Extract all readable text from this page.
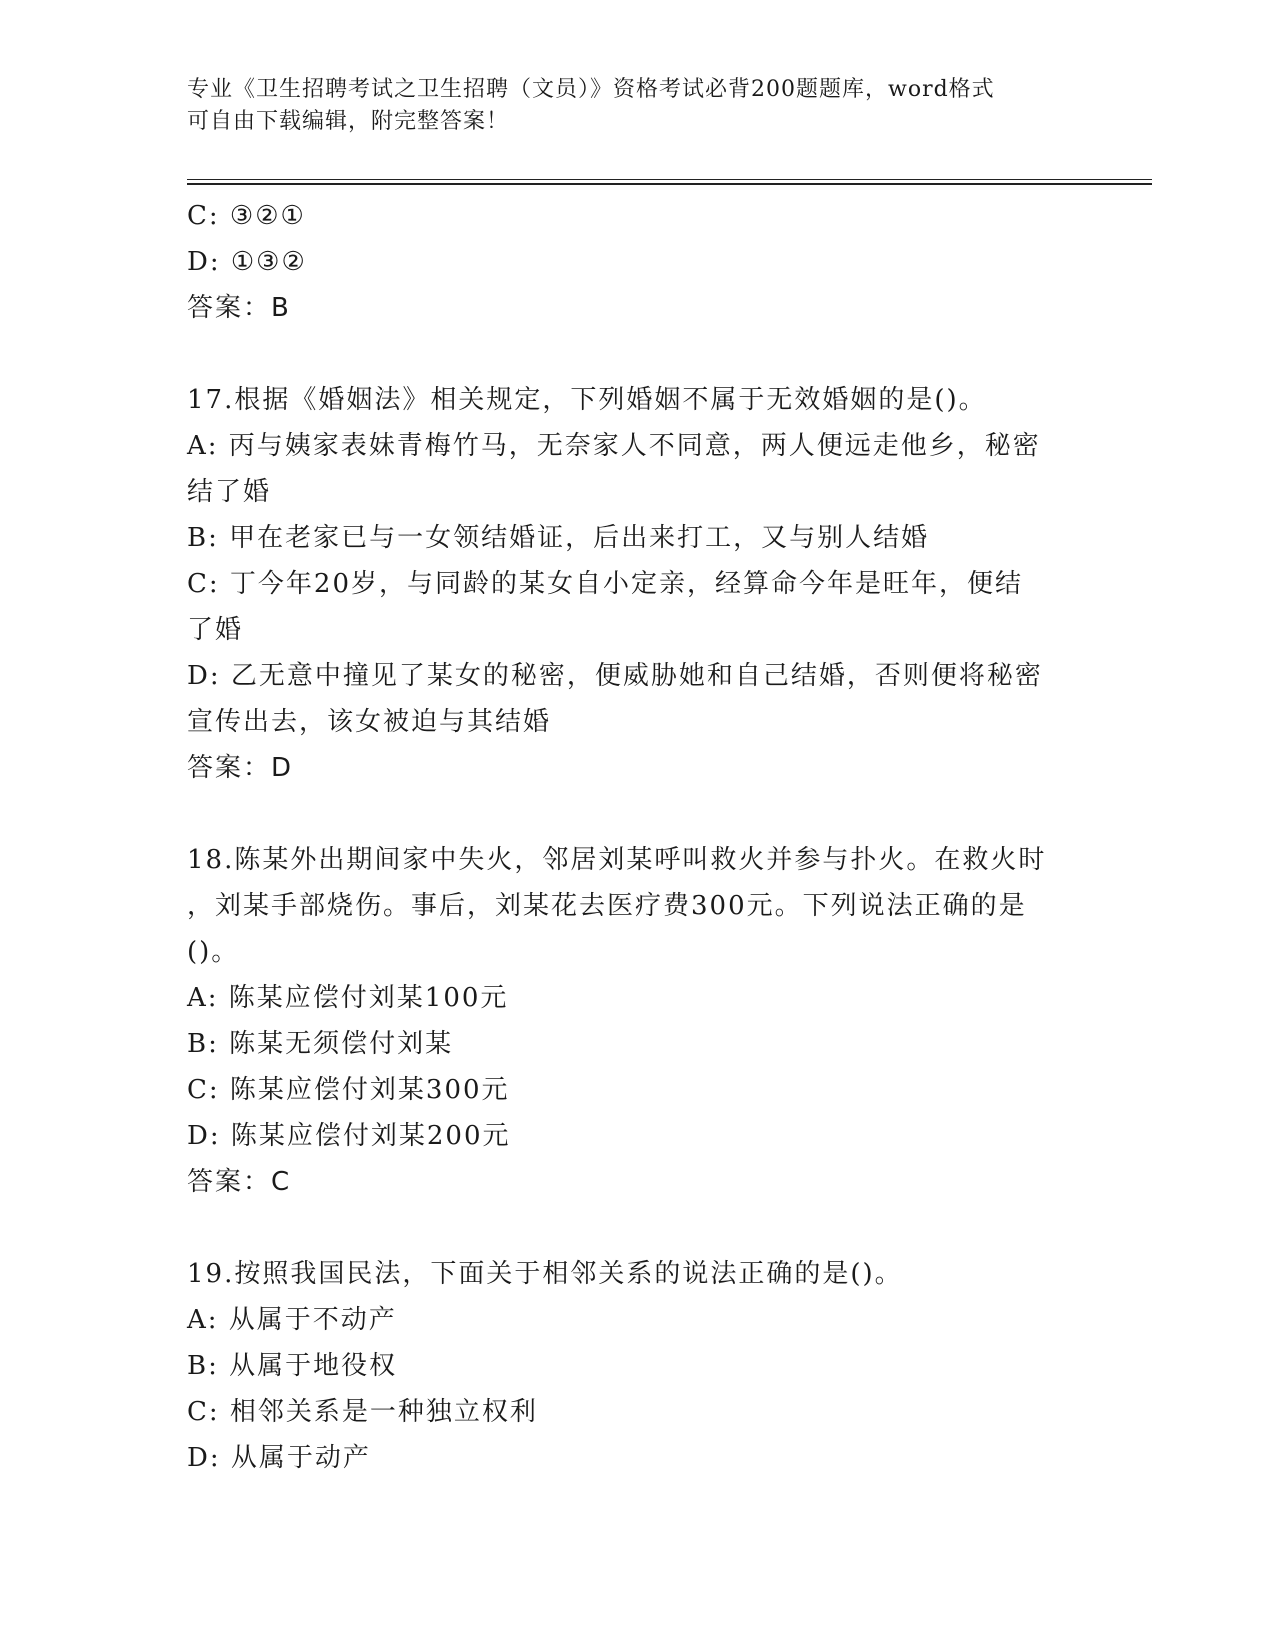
专业《卫生招聘考试之卫生招聘（文员）》资格考试必背200题题库，word格式
可自由下载编辑，附完整答案！
C: ③②①
D: ①③②
答案：B
17.根据《婚姻法》相关规定，下列婚姻不属于无效婚姻的是()。
A: 丙与姨家表妹青梅竹马，无奈家人不同意，两人便远走他乡，秘密
结了婚
B: 甲在老家已与一女领结婚证，后出来打工，又与别人结婚
C: 丁今年20岁，与同龄的某女自小定亲，经算命今年是旺年，便结
了婚
D: 乙无意中撞见了某女的秘密，便威胁她和自己结婚，否则便将秘密
宣传出去，该女被迫与其结婚
答案：D
18.陈某外出期间家中失火，邻居刘某呼叫救火并参与扑火。在救火时
，刘某手部烧伤。事后，刘某花去医疗费300元。下列说法正确的是
()。
A: 陈某应偿付刘某100元
B: 陈某无须偿付刘某
C: 陈某应偿付刘某300元
D: 陈某应偿付刘某200元
答案：C
19.按照我国民法，下面关于相邻关系的说法正确的是()。
A: 从属于不动产
B: 从属于地役权
C: 相邻关系是一种独立权利
D: 从属于动产
